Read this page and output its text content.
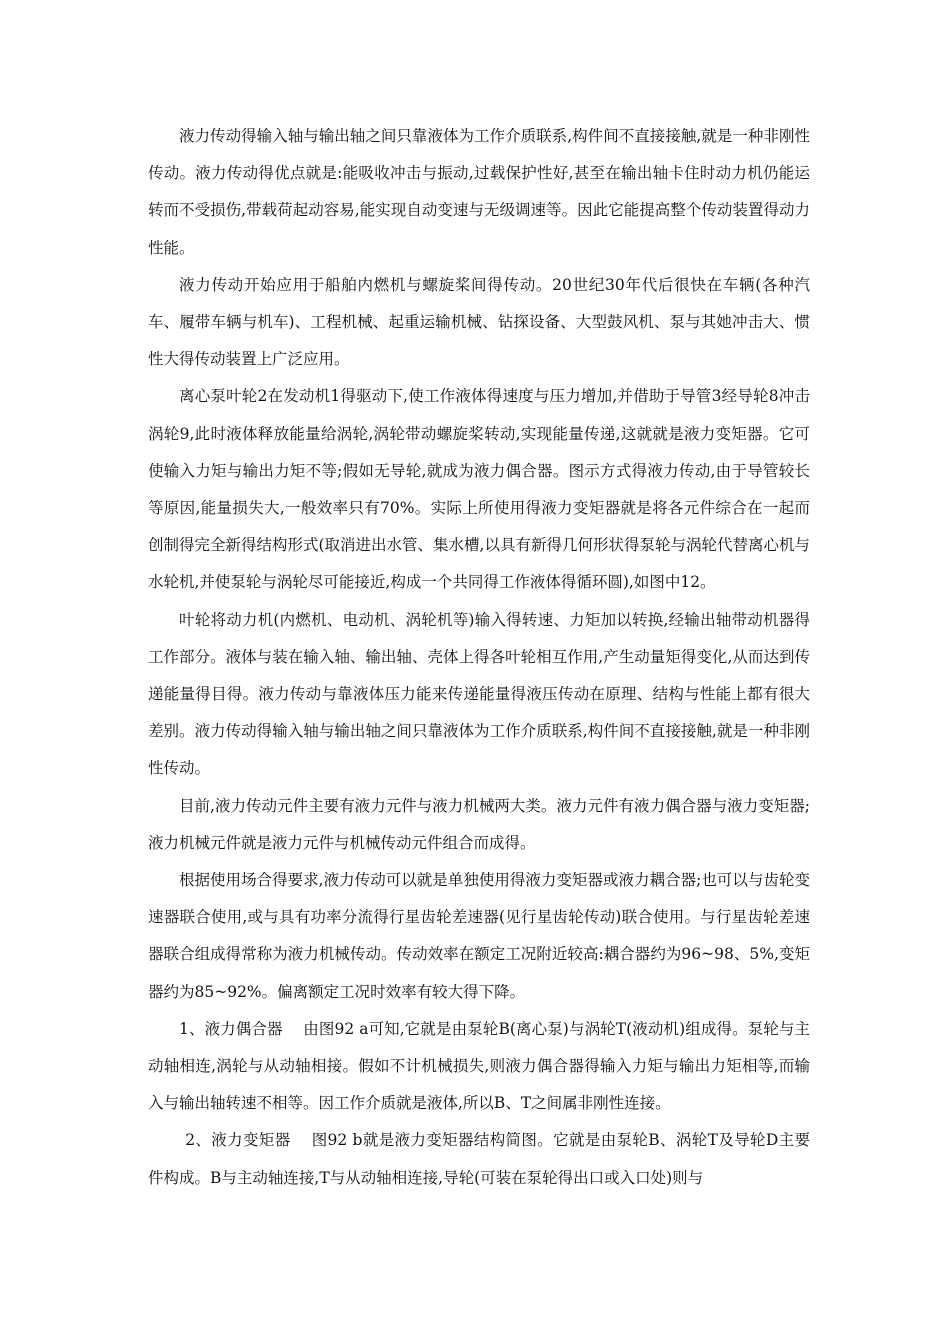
液力传动得输入轴与输出轴之间只靠液体为工作介质联系,构件间不直接接触,就是一种非刚性传动。液力传动得优点就是:能吸收冲击与振动,过载保护性好,甚至在输出轴卡住时动力机仍能运转而不受损伤,带载荷起动容易,能实现自动变速与无级调速等。因此它能提高整个传动装置得动力性能。

液力传动开始应用于船舶内燃机与螺旋桨间得传动。20世纪30年代后很快在车辆(各种汽车、履带车辆与机车)、工程机械、起重运输机械、钻探设备、大型鼓风机、泵与其她冲击大、惯性大得传动装置上广泛应用。

离心泵叶轮2在发动机1得驱动下,使工作液体得速度与压力增加,并借助于导管3经导轮8冲击涡轮9,此时液体释放能量给涡轮,涡轮带动螺旋桨转动,实现能量传递,这就就是液力变矩器。它可使输入力矩与输出力矩不等;假如无导轮,就成为液力偶合器。图示方式得液力传动,由于导管较长等原因,能量损失大,一般效率只有70%。实际上所使用得液力变矩器就是将各元件综合在一起而创制得完全新得结构形式(取消进出水管、集水槽,以具有新得几何形状得泵轮与涡轮代替离心机与水轮机,并使泵轮与涡轮尽可能接近,构成一个共同得工作液体得循环圆),如图中12。

叶轮将动力机(内燃机、电动机、涡轮机等)输入得转速、力矩加以转换,经输出轴带动机器得工作部分。液体与装在输入轴、输出轴、壳体上得各叶轮相互作用,产生动量矩得变化,从而达到传递能量得目得。液力传动与靠液体压力能来传递能量得液压传动在原理、结构与性能上都有很大差别。液力传动得输入轴与输出轴之间只靠液体为工作介质联系,构件间不直接接触,就是一种非刚性传动。

目前,液力传动元件主要有液力元件与液力机械两大类。液力元件有液力偶合器与液力变矩器;液力机械元件就是液力元件与机械传动元件组合而成得。

根据使用场合得要求,液力传动可以就是单独使用得液力变矩器或液力耦合器;也可以与齿轮变速器联合使用,或与具有功率分流得行星齿轮差速器(见行星齿轮传动)联合使用。与行星齿轮差速器联合组成得常称为液力机械传动。传动效率在额定工况附近较高:耦合器约为96~98、5%,变矩器约为85~92%。偏离额定工况时效率有较大得下降。

1、液力偶合器　 由图92 a可知,它就是由泵轮B(离心泵)与涡轮T(液动机)组成得。泵轮与主动轴相连,涡轮与从动轴相接。假如不计机械损失,则液力偶合器得输入力矩与输出力矩相等,而输入与输出轴转速不相等。因工作介质就是液体,所以B、T之间属非刚性连接。

2、液力变矩器　 图92 b就是液力变矩器结构简图。它就是由泵轮B、涡轮T及导轮D主要件构成。B与主动轴连接,T与从动轴相连接,导轮(可装在泵轮得出口或入口处)则与
